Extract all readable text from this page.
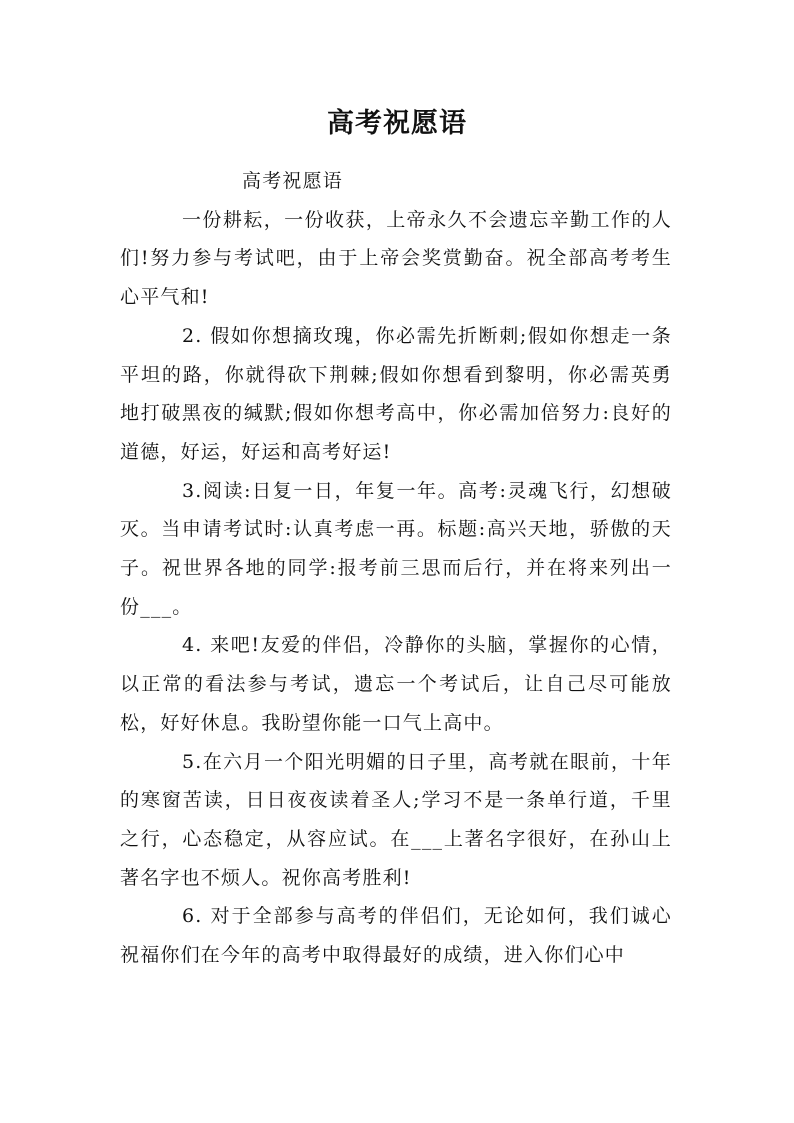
高考祝愿语

高考祝愿语

一份耕耘，一份收获，上帝永久不会遗忘辛勤工作的人们!努力参与考试吧，由于上帝会奖赏勤奋。祝全部高考考生心平气和!

2. 假如你想摘玫瑰，你必需先折断刺;假如你想走一条平坦的路，你就得砍下荆棘;假如你想看到黎明，你必需英勇地打破黑夜的缄默;假如你想考高中，你必需加倍努力:良好的道德，好运，好运和高考好运!

3.阅读:日复一日，年复一年。高考:灵魂飞行，幻想破灭。当申请考试时:认真考虑一再。标题:高兴天地，骄傲的天子。祝世界各地的同学:报考前三思而后行，并在将来列出一份___。

4. 来吧!友爱的伴侣，冷静你的头脑，掌握你的心情，以正常的看法参与考试，遗忘一个考试后，让自己尽可能放松，好好休息。我盼望你能一口气上高中。

5.在六月一个阳光明媚的日子里，高考就在眼前，十年的寒窗苦读，日日夜夜读着圣人;学习不是一条单行道，千里之行，心态稳定，从容应试。在___上著名字很好，在孙山上著名字也不烦人。祝你高考胜利!

6. 对于全部参与高考的伴侣们，无论如何，我们诚心祝福你们在今年的高考中取得最好的成绩，进入你们心中
